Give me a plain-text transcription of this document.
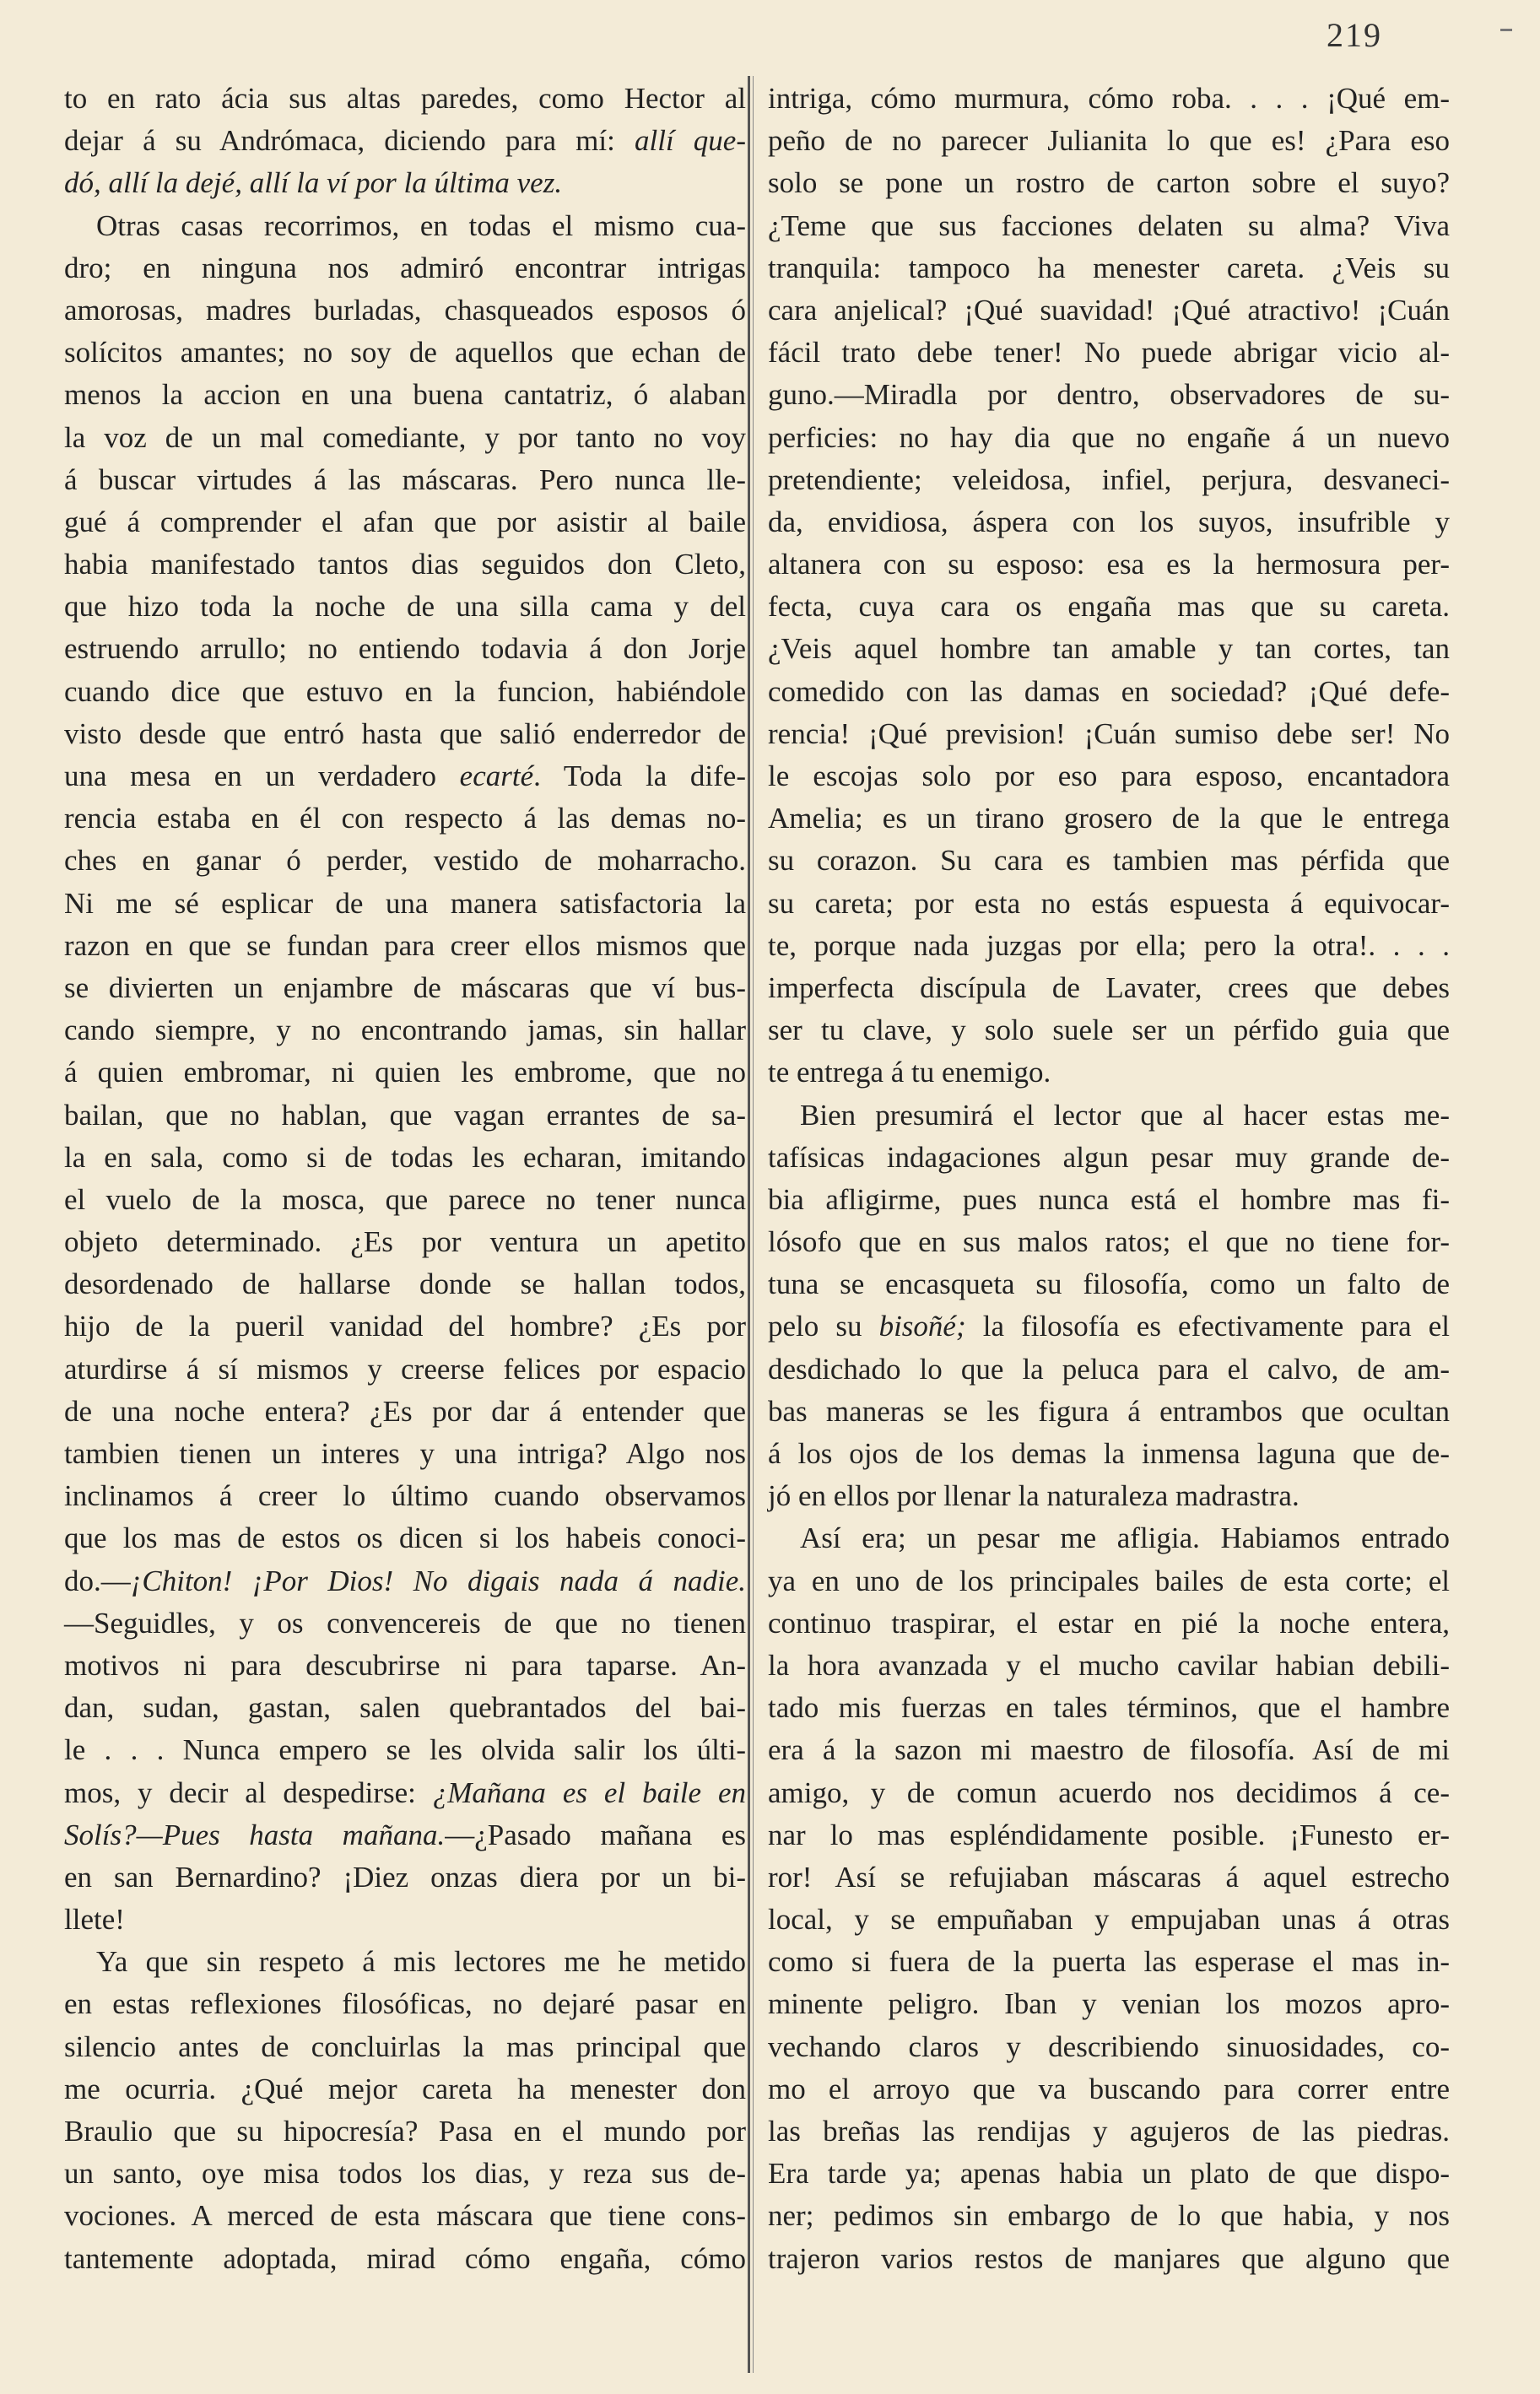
219
to en rato ácia sus altas paredes, como Hector al
dejar á su Andrómaca, diciendo para mí: allí que-
dó, allí la dejé, allí la ví por la última vez.
Otras casas recorrimos, en todas el mismo cua-
dro; en ninguna nos admiró encontrar intrigas
amorosas, madres burladas, chasqueados esposos ó
solícitos amantes; no soy de aquellos que echan de
menos la accion en una buena cantatriz, ó alaban
la voz de un mal comediante, y por tanto no voy
á buscar virtudes á las máscaras. Pero nunca lle-
gué á comprender el afan que por asistir al baile
habia manifestado tantos dias seguidos don Cleto,
que hizo toda la noche de una silla cama y del
estruendo arrullo; no entiendo todavia á don Jorje
cuando dice que estuvo en la funcion, habiéndole
visto desde que entró hasta que salió enderredor de
una mesa en un verdadero ecarté. Toda la dife-
rencia estaba en él con respecto á las demas no-
ches en ganar ó perder, vestido de moharracho.
Ni me sé esplicar de una manera satisfactoria la
razon en que se fundan para creer ellos mismos que
se divierten un enjambre de máscaras que ví bus-
cando siempre, y no encontrando jamas, sin hallar
á quien embromar, ni quien les embrome, que no
bailan, que no hablan, que vagan errantes de sa-
la en sala, como si de todas les echaran, imitando
el vuelo de la mosca, que parece no tener nunca
objeto determinado. ¿Es por ventura un apetito
desordenado de hallarse donde se hallan todos,
hijo de la pueril vanidad del hombre? ¿Es por
aturdirse á sí mismos y creerse felices por espacio
de una noche entera? ¿Es por dar á entender que
tambien tienen un interes y una intriga? Algo nos
inclinamos á creer lo último cuando observamos
que los mas de estos os dicen si los habeis conoci-
do.—¡Chiton! ¡Por Dios! No digais nada á nadie.
—Seguidles, y os convencereis de que no tienen
motivos ni para descubrirse ni para taparse. An-
dan, sudan, gastan, salen quebrantados del bai-
le . . . Nunca empero se les olvida salir los últi-
mos, y decir al despedirse: ¿Mañana es el baile en
Solís?—Pues hasta mañana.—¿Pasado mañana es
en san Bernardino? ¡Diez onzas diera por un bi-
llete!
Ya que sin respeto á mis lectores me he metido
en estas reflexiones filosóficas, no dejaré pasar en
silencio antes de concluirlas la mas principal que
me ocurria. ¿Qué mejor careta ha menester don
Braulio que su hipocresía? Pasa en el mundo por
un santo, oye misa todos los dias, y reza sus de-
vociones. A merced de esta máscara que tiene cons-
tantemente adoptada, mirad cómo engaña, cómo
intriga, cómo murmura, cómo roba. . . . ¡Qué em-
peño de no parecer Julianita lo que es! ¿Para eso
solo se pone un rostro de carton sobre el suyo?
¿Teme que sus facciones delaten su alma? Viva
tranquila: tampoco ha menester careta. ¿Veis su
cara anjelical? ¡Qué suavidad! ¡Qué atractivo! ¡Cuán
fácil trato debe tener! No puede abrigar vicio al-
guno.—Miradla por dentro, observadores de su-
perficies: no hay dia que no engañe á un nuevo
pretendiente; veleidosa, infiel, perjura, desvaneci-
da, envidiosa, áspera con los suyos, insufrible y
altanera con su esposo: esa es la hermosura per-
fecta, cuya cara os engaña mas que su careta.
¿Veis aquel hombre tan amable y tan cortes, tan
comedido con las damas en sociedad? ¡Qué defe-
rencia! ¡Qué prevision! ¡Cuán sumiso debe ser! No
le escojas solo por eso para esposo, encantadora
Amelia; es un tirano grosero de la que le entrega
su corazon. Su cara es tambien mas pérfida que
su careta; por esta no estás espuesta á equivocar-
te, porque nada juzgas por ella; pero la otra!. . . .
imperfecta discípula de Lavater, crees que debes
ser tu clave, y solo suele ser un pérfido guia que
te entrega á tu enemigo.
Bien presumirá el lector que al hacer estas me-
tafísicas indagaciones algun pesar muy grande de-
bia afligirme, pues nunca está el hombre mas fi-
lósofo que en sus malos ratos; el que no tiene for-
tuna se encasqueta su filosofía, como un falto de
pelo su bisoñé; la filosofía es efectivamente para el
desdichado lo que la peluca para el calvo, de am-
bas maneras se les figura á entrambos que ocultan
á los ojos de los demas la inmensa laguna que de-
jó en ellos por llenar la naturaleza madrastra.
Así era; un pesar me afligia. Habiamos entrado
ya en uno de los principales bailes de esta corte; el
continuo traspirar, el estar en pié la noche entera,
la hora avanzada y el mucho cavilar habian debili-
tado mis fuerzas en tales términos, que el hambre
era á la sazon mi maestro de filosofía. Así de mi
amigo, y de comun acuerdo nos decidimos á ce-
nar lo mas espléndidamente posible. ¡Funesto er-
ror! Así se refujiaban máscaras á aquel estrecho
local, y se empuñaban y empujaban unas á otras
como si fuera de la puerta las esperase el mas in-
minente peligro. Iban y venian los mozos apro-
vechando claros y describiendo sinuosidades, co-
mo el arroyo que va buscando para correr entre
las breñas las rendijas y agujeros de las piedras.
Era tarde ya; apenas habia un plato de que dispo-
ner; pedimos sin embargo de lo que habia, y nos
trajeron varios restos de manjares que alguno que
